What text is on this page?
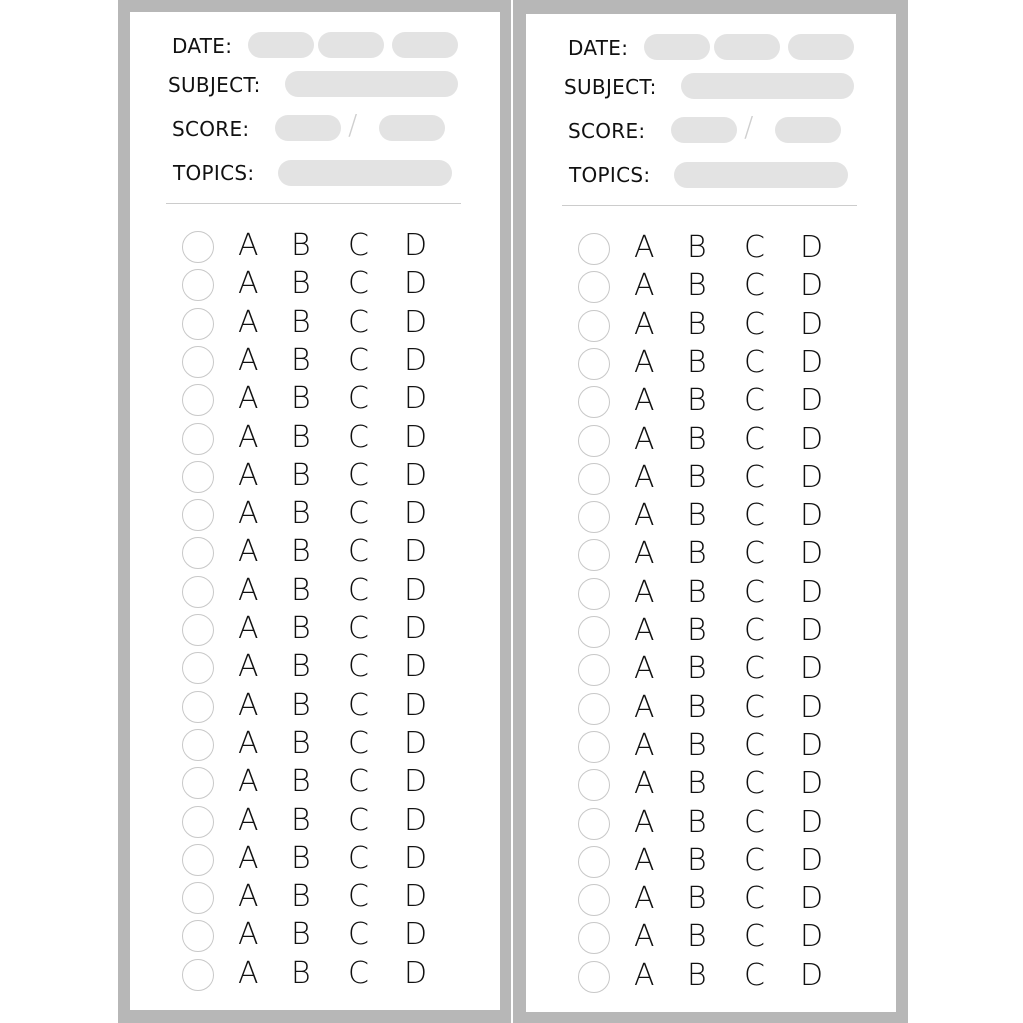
DATE:
SUBJECT:
SCORE:	/
TOPICS:
A B C D
A B C D
A B C D
A B C D
A B C D
A B C D
A B C D
A B C D
A B C D
A B C D
A B C D
A B C D
A B C D
A B C D
A B C D
A B C D
A B C D
A B C D
A B C D
A B C D
DATE:
SUBJECT:
SCORE:	/
TOPICS:
A B C D
A B C D
A B C D
A B C D
A B C D
A B C D
A B C D
A B C D
A B C D
A B C D
A B C D
A B C D
A B C D
A B C D
A B C D
A B C D
A B C D
A B C D
A B C D
A B C D
